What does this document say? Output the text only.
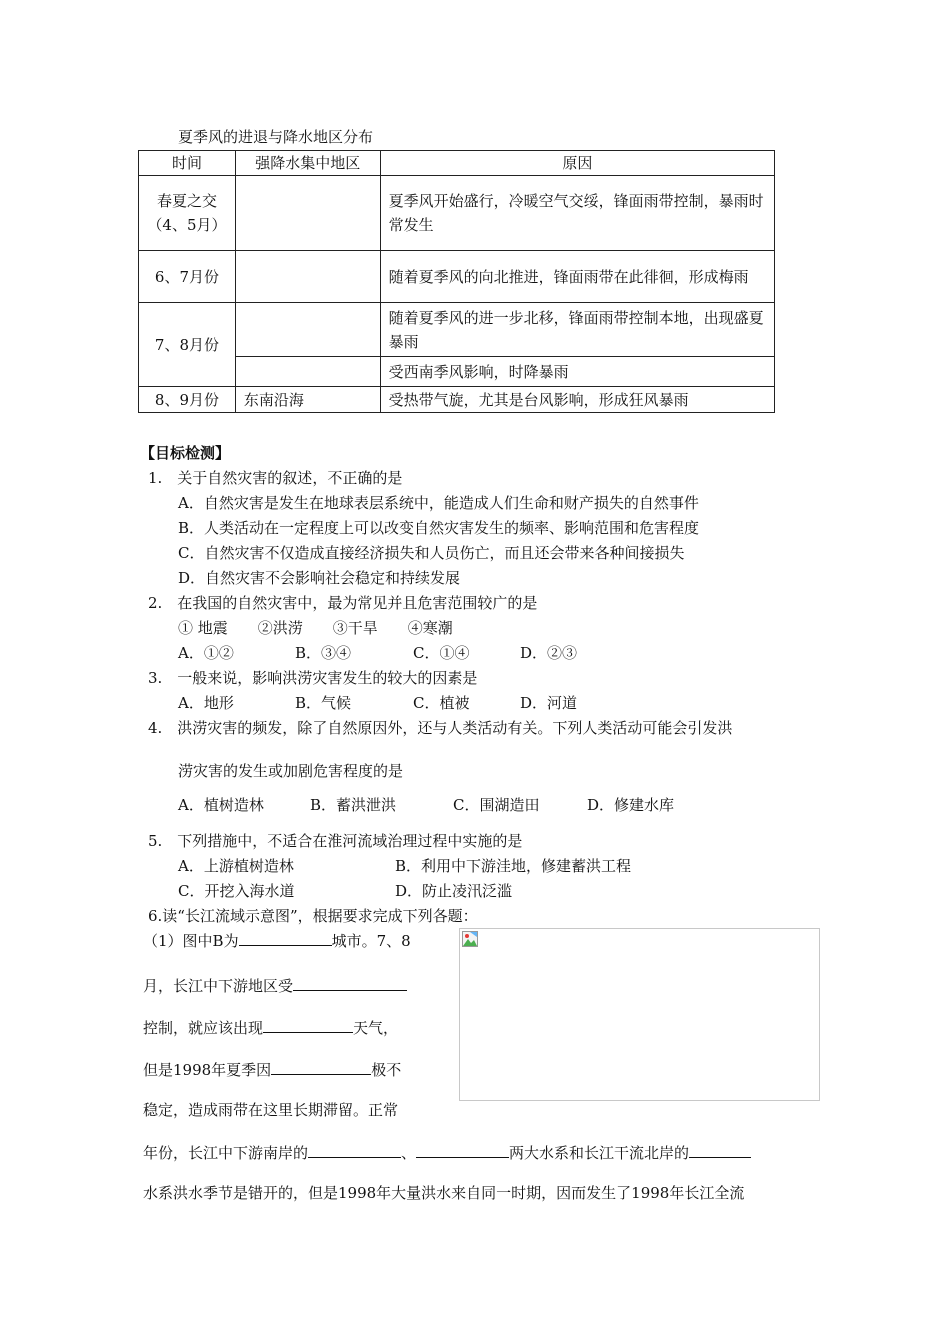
夏季风的进退与降水地区分布
时间	强降水集中地区	原因
春夏之交（4、5月）		夏季风开始盛行，冷暖空气交绥，锋面雨带控制，暴雨时常发生
6、7月份		随着夏季风的向北推进，锋面雨带在此徘徊，形成梅雨
7、8月份		随着夏季风的进一步北移，锋面雨带控制本地，出现盛夏暴雨
		受西南季风影响，时降暴雨
8、9月份	东南沿海	受热带气旋，尤其是台风影响，形成狂风暴雨
【目标检测】
1.　关于自然灾害的叙述，不正确的是
A．自然灾害是发生在地球表层系统中，能造成人们生命和财产损失的自然事件
B．人类活动在一定程度上可以改变自然灾害发生的频率、影响范围和危害程度
C．自然灾害不仅造成直接经济损失和人员伤亡，而且还会带来各种间接损失
D．自然灾害不会影响社会稳定和持续发展
2.　在我国的自然灾害中，最为常见并且危害范围较广的是
① 地震　　②洪涝　　③干旱　　④寒潮
A．①②	B．③④	C．①④	D．②③
3.　一般来说，影响洪涝灾害发生的较大的因素是
A．地形	B．气候	C．植被	D．河道
4.　洪涝灾害的频发，除了自然原因外，还与人类活动有关。下列人类活动可能会引发洪
涝灾害的发生或加剧危害程度的是
A．植树造林	B．蓄洪泄洪	C．围湖造田	D．修建水库
5.　下列措施中，不适合在淮河流域治理过程中实施的是
A．上游植树造林	B．利用中下游洼地，修建蓄洪工程
C．开挖入海水道	D．防止凌汛泛滥
6.读“长江流域示意图”，根据要求完成下列各题：
（1）图中B为	城市。7、8
月，长江中下游地区受
控制，就应该出现	天气，
但是1998年夏季因	极不
稳定，造成雨带在这里长期滞留。正常
年份，长江中下游南岸的	、	两大水系和长江干流北岸的
水系洪水季节是错开的，但是1998年大量洪水来自同一时期，因而发生了1998年长江全流
